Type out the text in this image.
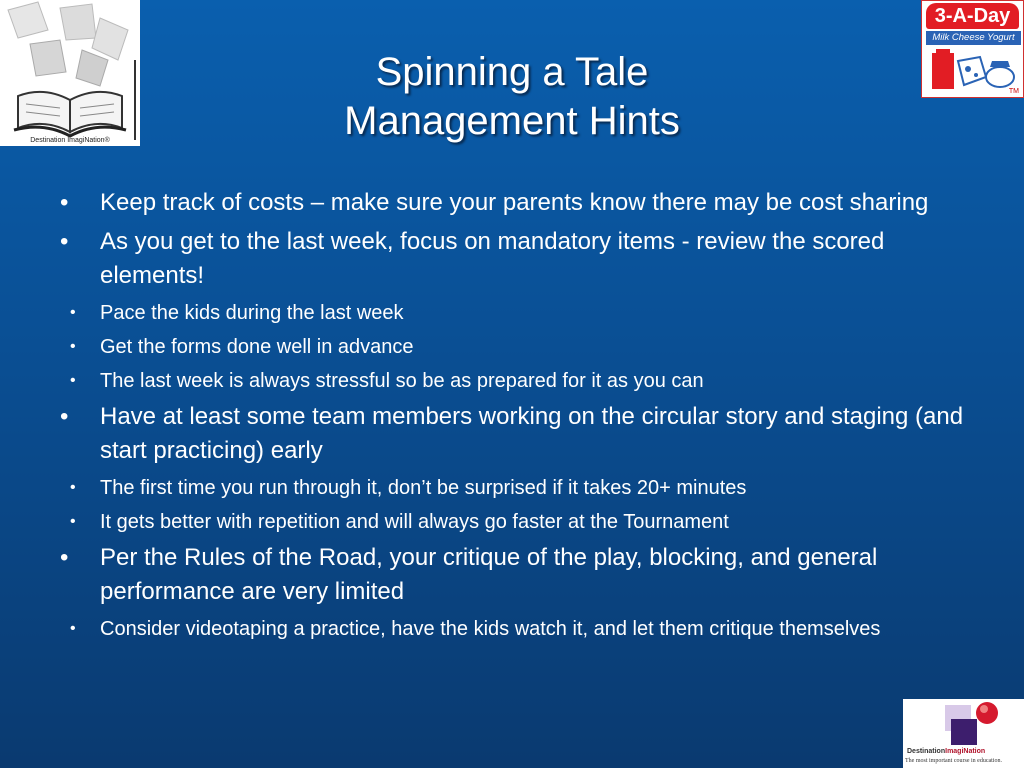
Destination ImagiNation®
3-A-Day
Milk Cheese Yogurt
TM
Spinning a Tale
Management Hints
• Keep track of costs – make sure your parents know there may be cost sharing
• As you get to the last week, focus on mandatory items - review the scored elements!
• Pace the kids during the last week
• Get the forms done well in advance
• The last week is always stressful so be as prepared for it as you can
• Have at least some team members working on the circular story and staging (and start practicing) early
• The first time you run through it, don’t be surprised if it takes 20+ minutes
• It gets better with repetition and will always go faster at the Tournament
• Per the Rules of the Road, your critique of the play, blocking, and general performance are very limited
• Consider videotaping a practice, have the kids watch it, and let them critique themselves
DestinationImagiNation
The most important course in education.
